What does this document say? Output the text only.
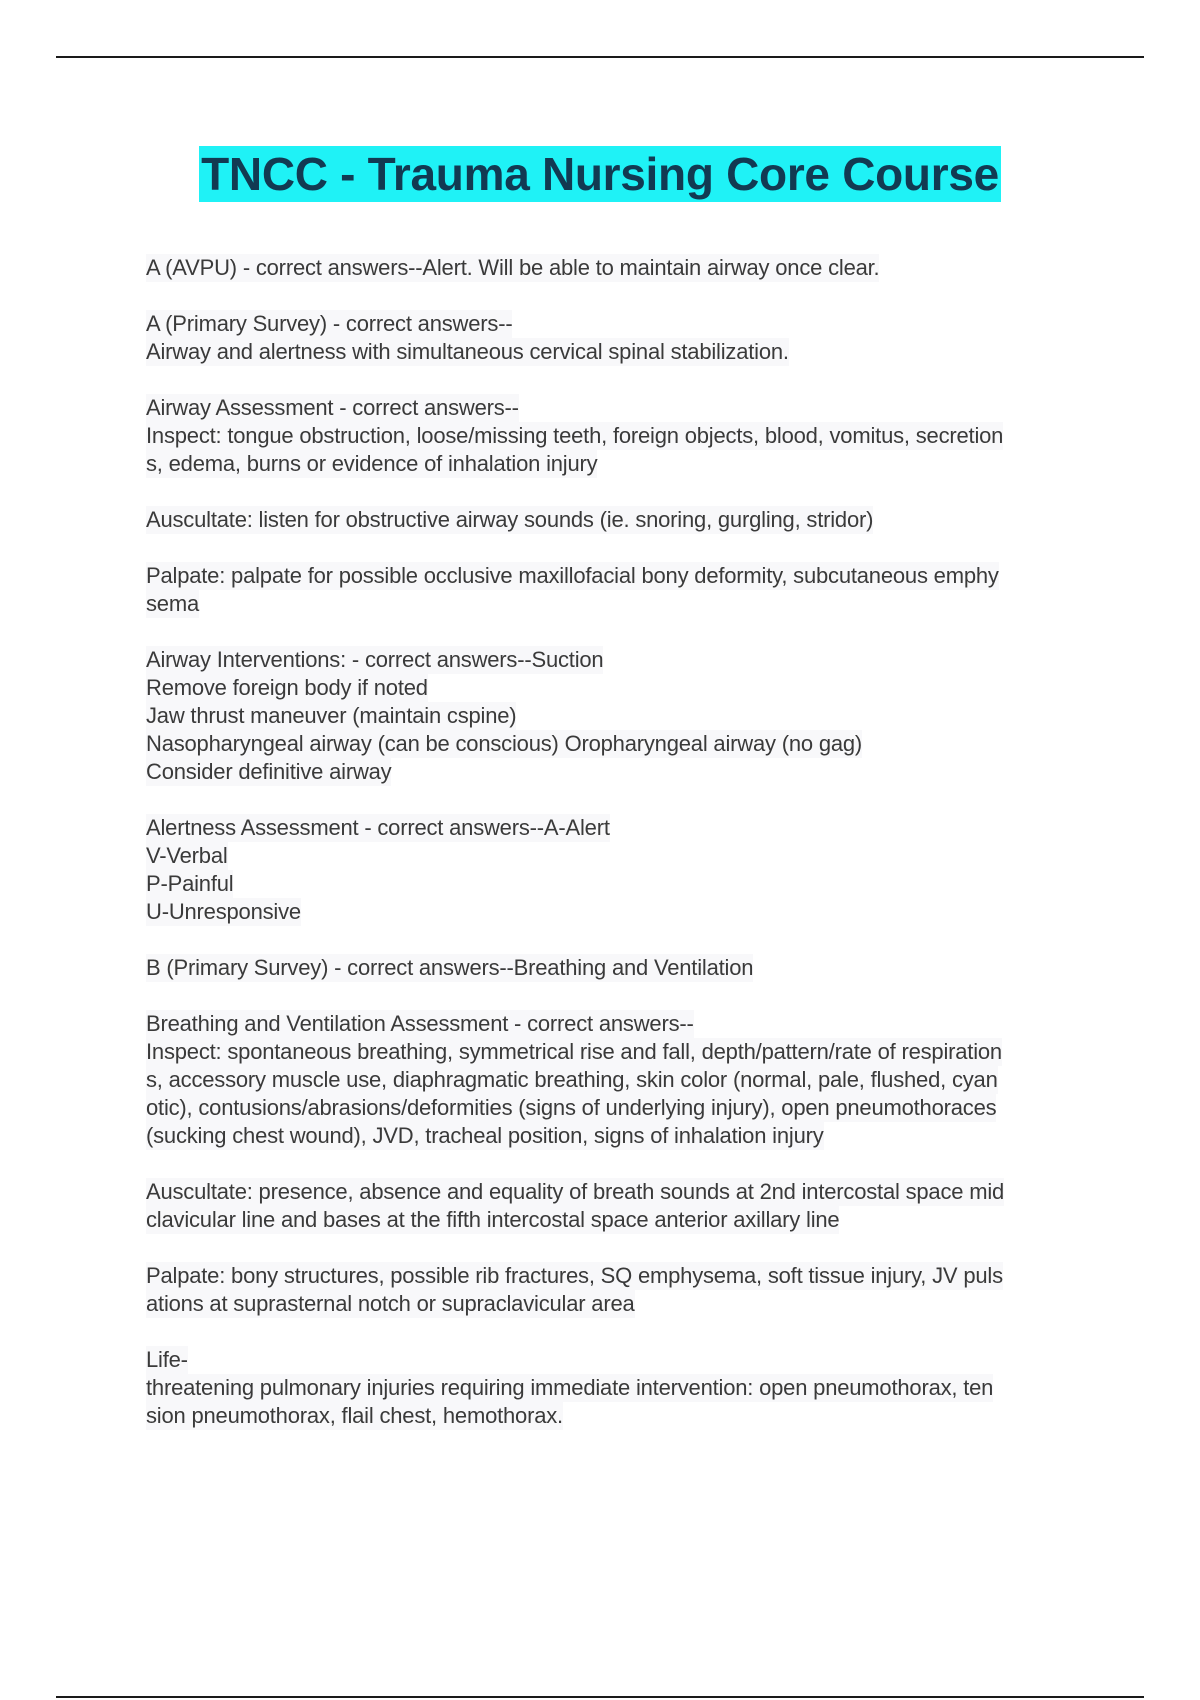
TNCC - Trauma Nursing Core Course
A (AVPU) - correct answers--Alert. Will be able to maintain airway once clear.
A (Primary Survey) - correct answers--
Airway and alertness with simultaneous cervical spinal stabilization.
Airway Assessment - correct answers--
Inspect: tongue obstruction, loose/missing teeth, foreign objects, blood, vomitus, secretion
s, edema, burns or evidence of inhalation injury
Auscultate: listen for obstructive airway sounds (ie. snoring, gurgling, stridor)
Palpate: palpate for possible occlusive maxillofacial bony deformity, subcutaneous emphy
sema
Airway Interventions: - correct answers--Suction
Remove foreign body if noted
Jaw thrust maneuver (maintain cspine)
Nasopharyngeal airway (can be conscious) Oropharyngeal airway (no gag)
Consider definitive airway
Alertness Assessment - correct answers--A-Alert
V-Verbal
P-Painful
U-Unresponsive
B (Primary Survey) - correct answers--Breathing and Ventilation
Breathing and Ventilation Assessment - correct answers--
Inspect: spontaneous breathing, symmetrical rise and fall, depth/pattern/rate of respiration
s, accessory muscle use, diaphragmatic breathing, skin color (normal, pale, flushed, cyan
otic), contusions/abrasions/deformities (signs of underlying injury), open pneumothoraces
(sucking chest wound), JVD, tracheal position, signs of inhalation injury
Auscultate: presence, absence and equality of breath sounds at 2nd intercostal space mid
clavicular line and bases at the fifth intercostal space anterior axillary line
Palpate: bony structures, possible rib fractures, SQ emphysema, soft tissue injury, JV puls
ations at suprasternal notch or supraclavicular area
Life-
threatening pulmonary injuries requiring immediate intervention: open pneumothorax, ten
sion pneumothorax, flail chest, hemothorax.
